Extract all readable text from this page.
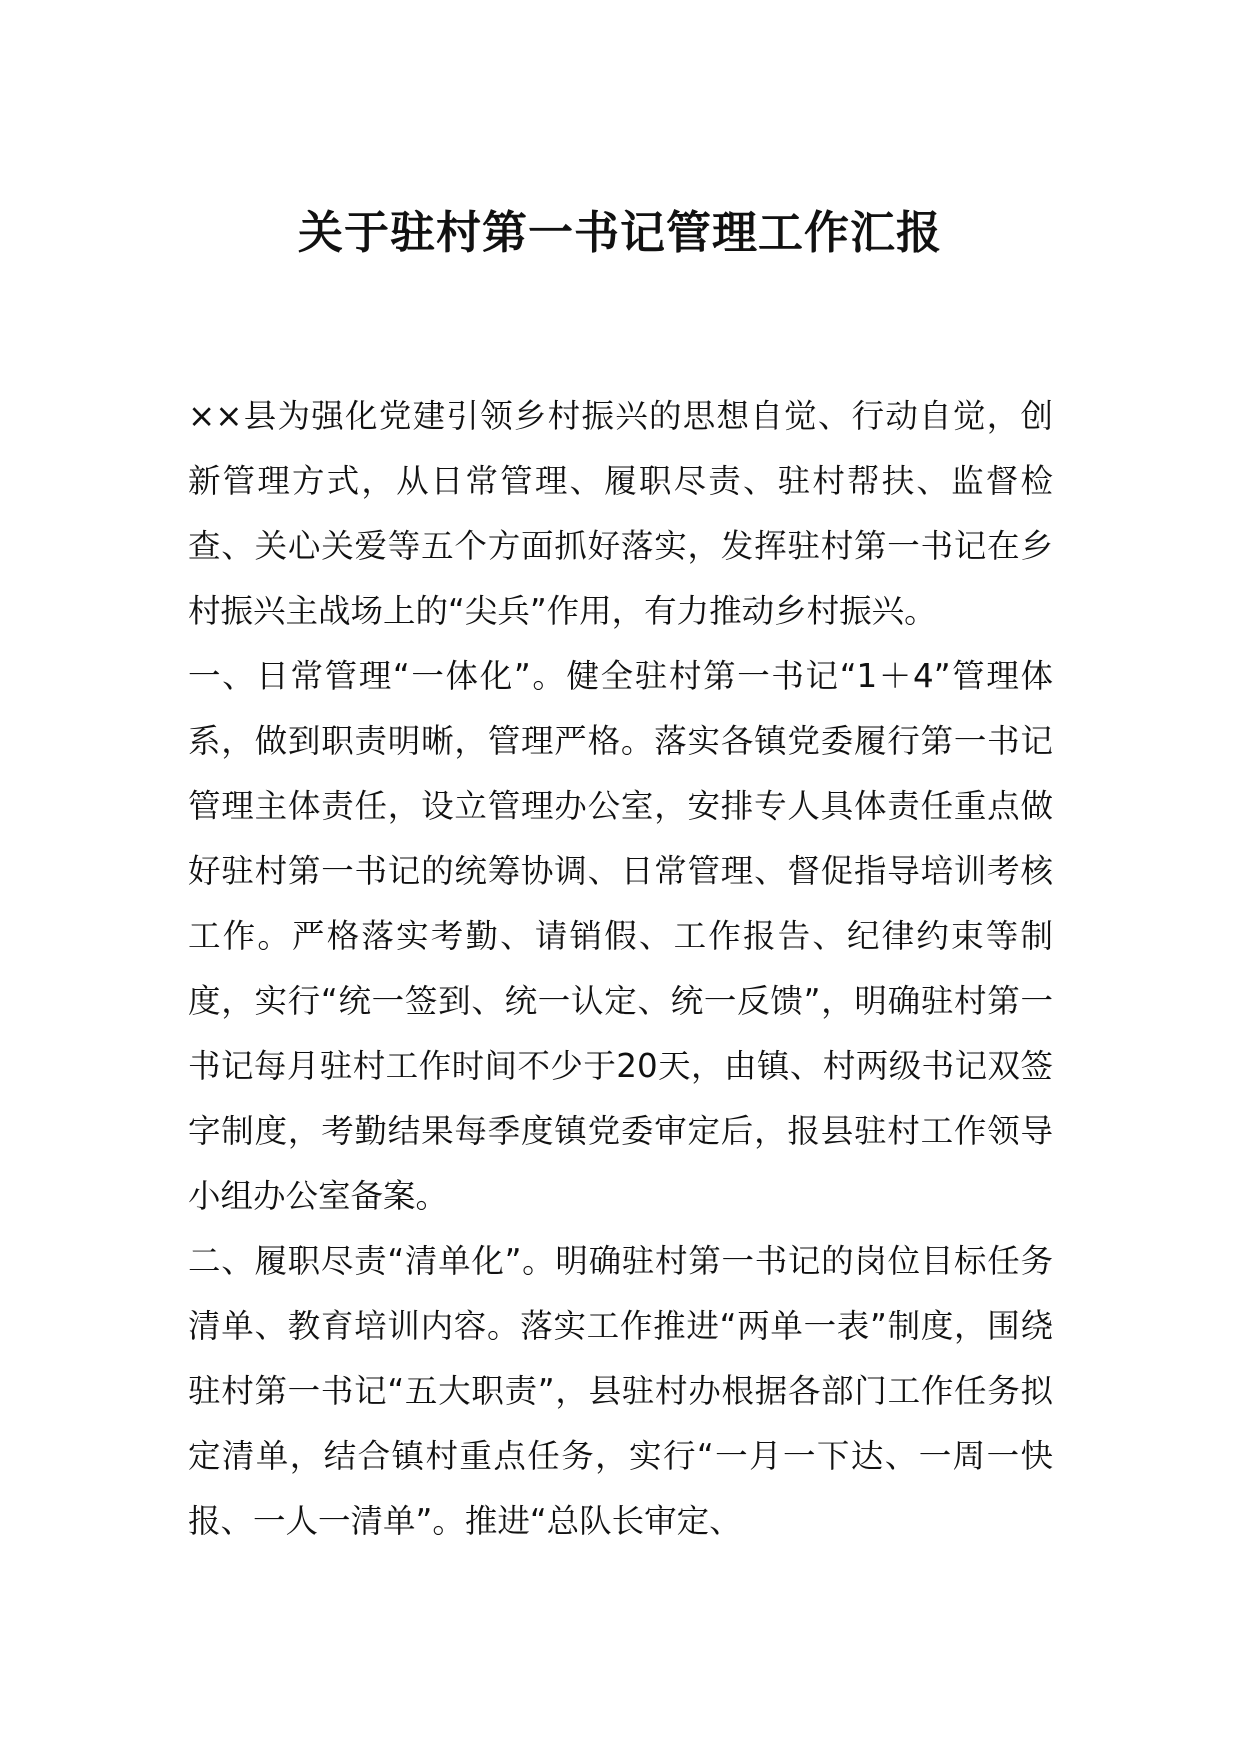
关于驻村第一书记管理工作汇报

××县为强化党建引领乡村振兴的思想自觉、行动自觉，创新管理方式，从日常管理、履职尽责、驻村帮扶、监督检查、关心关爱等五个方面抓好落实，发挥驻村第一书记在乡村振兴主战场上的“尖兵”作用，有力推动乡村振兴。

一、日常管理“一体化”。健全驻村第一书记“1＋4”管理体系，做到职责明晰，管理严格。落实各镇党委履行第一书记管理主体责任，设立管理办公室，安排专人具体责任重点做好驻村第一书记的统筹协调、日常管理、督促指导培训考核工作。严格落实考勤、请销假、工作报告、纪律约束等制度，实行“统一签到、统一认定、统一反馈”，明确驻村第一书记每月驻村工作时间不少于20天，由镇、村两级书记双签字制度，考勤结果每季度镇党委审定后，报县驻村工作领导小组办公室备案。

二、履职尽责“清单化”。明确驻村第一书记的岗位目标任务清单、教育培训内容。落实工作推进“两单一表”制度，围绕驻村第一书记“五大职责”，县驻村办根据各部门工作任务拟定清单，结合镇村重点任务，实行“一月一下达、一周一快报、一人一清单”。推进“总队长审定、
